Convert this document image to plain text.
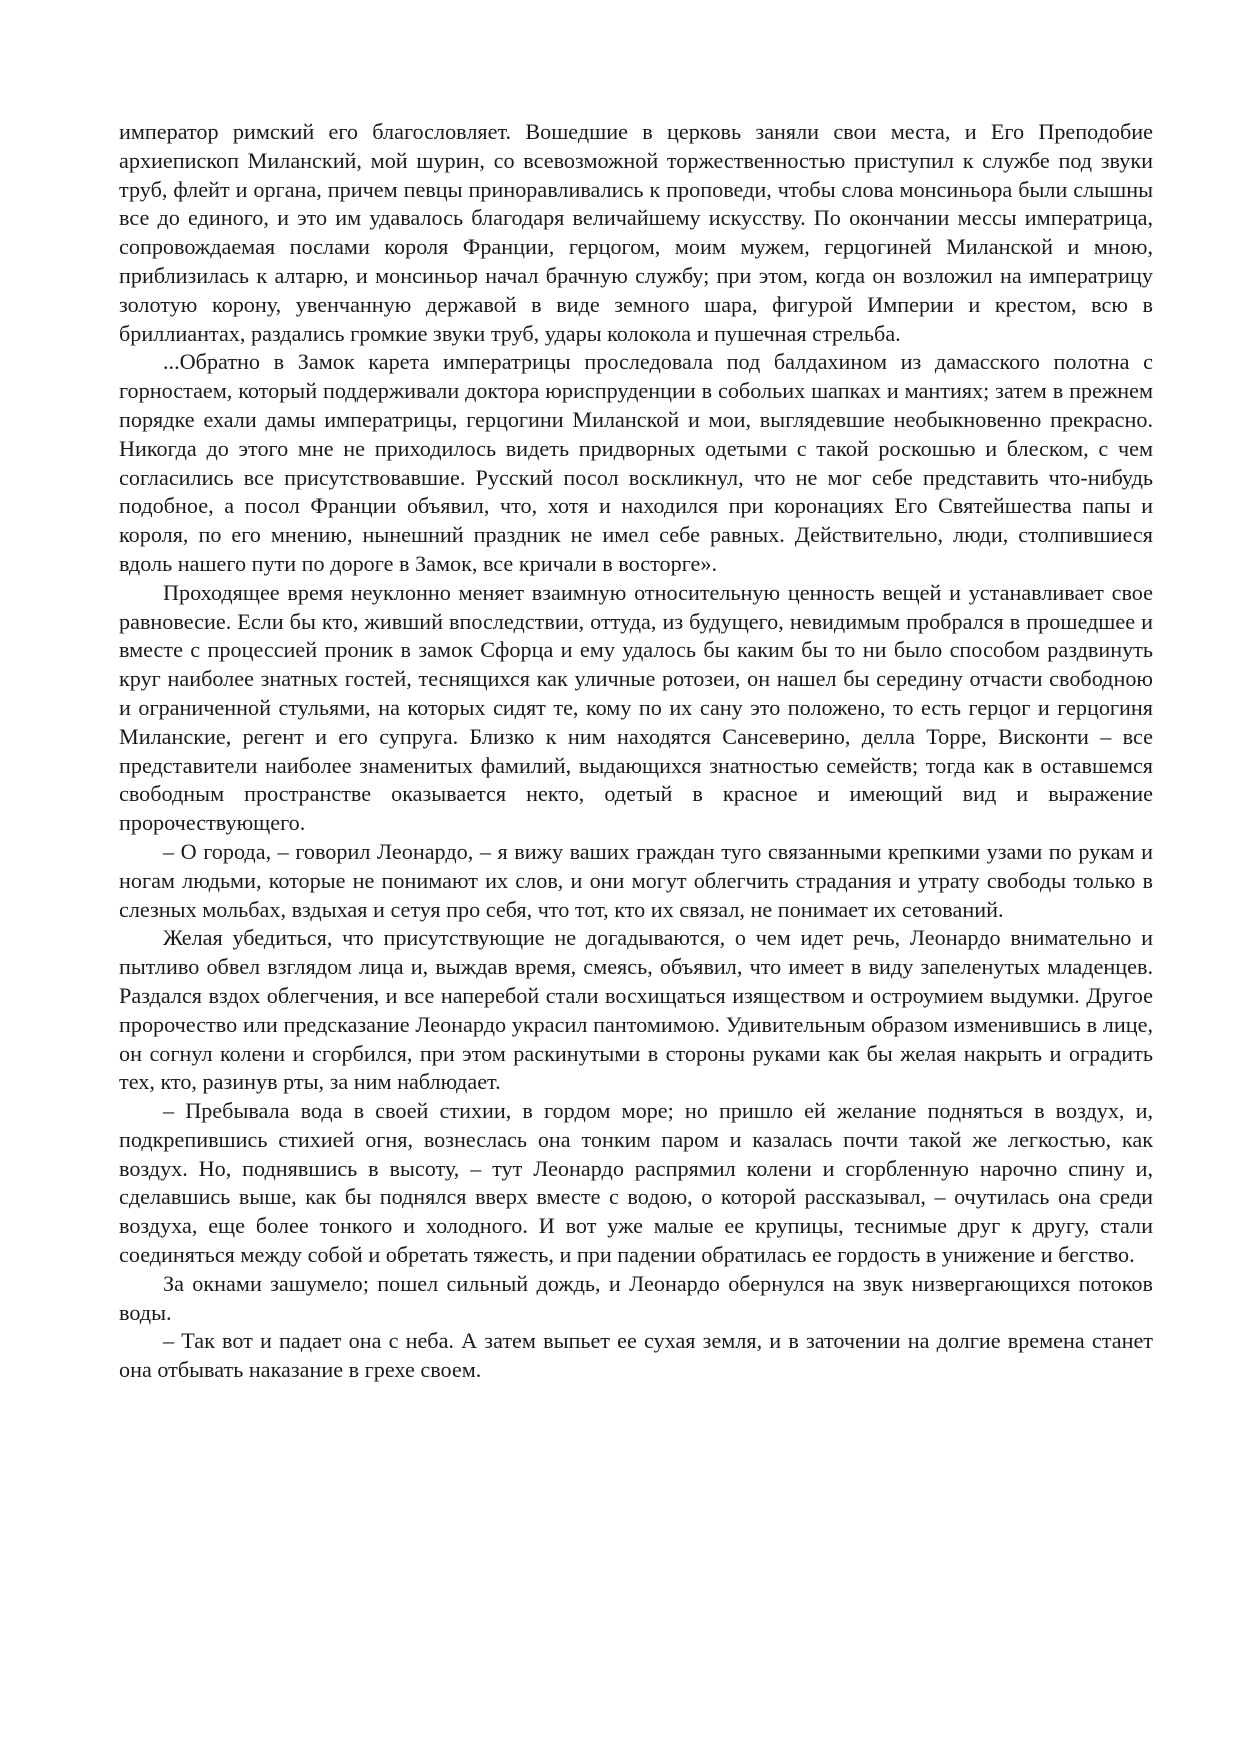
император римский его благословляет. Вошедшие в церковь заняли свои места, и Его Преподобие архиепископ Миланский, мой шурин, со всевозможной торжественностью приступил к службе под звуки труб, флейт и органа, причем певцы приноравливались к проповеди, чтобы слова монсиньора были слышны все до единого, и это им удавалось благодаря величайшему искусству. По окончании мессы императрица, сопровождаемая послами короля Франции, герцогом, моим мужем, герцогиней Миланской и мною, приблизилась к алтарю, и монсиньор начал брачную службу; при этом, когда он возложил на императрицу золотую корону, увенчанную державой в виде земного шара, фигурой Империи и крестом, всю в бриллиантах, раздались громкие звуки труб, удары колокола и пушечная стрельба.

...Обратно в Замок карета императрицы проследовала под балдахином из дамасского полотна с горностаем, который поддерживали доктора юриспруденции в собольих шапках и мантиях; затем в прежнем порядке ехали дамы императрицы, герцогини Миланской и мои, выглядевшие необыкновенно прекрасно. Никогда до этого мне не приходилось видеть придворных одетыми с такой роскошью и блеском, с чем согласились все присутствовавшие. Русский посол воскликнул, что не мог себе представить что-нибудь подобное, а посол Франции объявил, что, хотя и находился при коронациях Его Святейшества папы и короля, по его мнению, нынешний праздник не имел себе равных. Действительно, люди, столпившиеся вдоль нашего пути по дороге в Замок, все кричали в восторге».

Проходящее время неуклонно меняет взаимную относительную ценность вещей и устанавливает свое равновесие. Если бы кто, живший впоследствии, оттуда, из будущего, невидимым пробрался в прошедшее и вместе с процессией проник в замок Сфорца и ему удалось бы каким бы то ни было способом раздвинуть круг наиболее знатных гостей, теснящихся как уличные ротозеи, он нашел бы середину отчасти свободною и ограниченной стульями, на которых сидят те, кому по их сану это положено, то есть герцог и герцогиня Миланские, регент и его супруга. Близко к ним находятся Сансеверино, делла Торре, Висконти – все представители наиболее знаменитых фамилий, выдающихся знатностью семейств; тогда как в оставшемся свободным пространстве оказывается некто, одетый в красное и имеющий вид и выражение пророчествующего.

– О города, – говорил Леонардо, – я вижу ваших граждан туго связанными крепкими узами по рукам и ногам людьми, которые не понимают их слов, и они могут облегчить страдания и утрату свободы только в слезных мольбах, вздыхая и сетуя про себя, что тот, кто их связал, не понимает их сетований.

Желая убедиться, что присутствующие не догадываются, о чем идет речь, Леонардо внимательно и пытливо обвел взглядом лица и, выждав время, смеясь, объявил, что имеет в виду запеленутых младенцев. Раздался вздох облегчения, и все наперебой стали восхищаться изяществом и остроумием выдумки. Другое пророчество или предсказание Леонардо украсил пантомимою. Удивительным образом изменившись в лице, он согнул колени и сгорбился, при этом раскинутыми в стороны руками как бы желая накрыть и оградить тех, кто, разинув рты, за ним наблюдает.

– Пребывала вода в своей стихии, в гордом море; но пришло ей желание подняться в воздух, и, подкрепившись стихией огня, вознеслась она тонким паром и казалась почти такой же легкостью, как воздух. Но, поднявшись в высоту, – тут Леонардо распрямил колени и сгорбленную нарочно спину и, сделавшись выше, как бы поднялся вверх вместе с водою, о которой рассказывал, – очутилась она среди воздуха, еще более тонкого и холодного. И вот уже малые ее крупицы, теснимые друг к другу, стали соединяться между собой и обретать тяжесть, и при падении обратилась ее гордость в унижение и бегство.

За окнами зашумело; пошел сильный дождь, и Леонардо обернулся на звук низвергающихся потоков воды.

– Так вот и падает она с неба. А затем выпьет ее сухая земля, и в заточении на долгие времена станет она отбывать наказание в грехе своем.
